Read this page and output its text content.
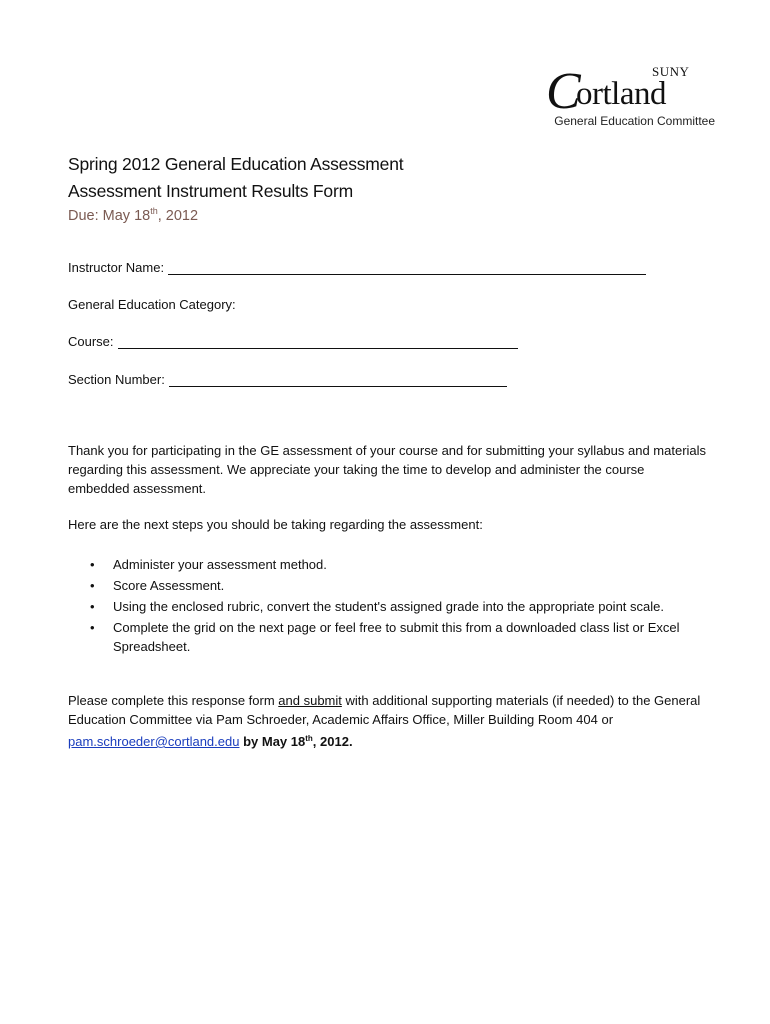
SUNY
C
ortland
General Education Committee
Spring 2012 General Education Assessment
Assessment Instrument Results Form
Due: May 18th, 2012
Instructor Name:
General Education Category:
Course:
Section Number:
Thank you for participating in the GE assessment of your course and for submitting your syllabus and materials regarding this assessment. We appreciate your taking the time to develop and administer the course embedded assessment.
Here are the next steps you should be taking regarding the assessment:
• Administer your assessment method.
• Score Assessment.
• Using the enclosed rubric, convert the student's assigned grade into the appropriate point scale.
• Complete the grid on the next page or feel free to submit this from a downloaded class list or Excel Spreadsheet.
Please complete this response form and submit with additional supporting materials (if needed) to the General Education Committee via Pam Schroeder, Academic Affairs Office, Miller Building Room 404 or pam.schroeder@cortland.edu by May 18th, 2012.
